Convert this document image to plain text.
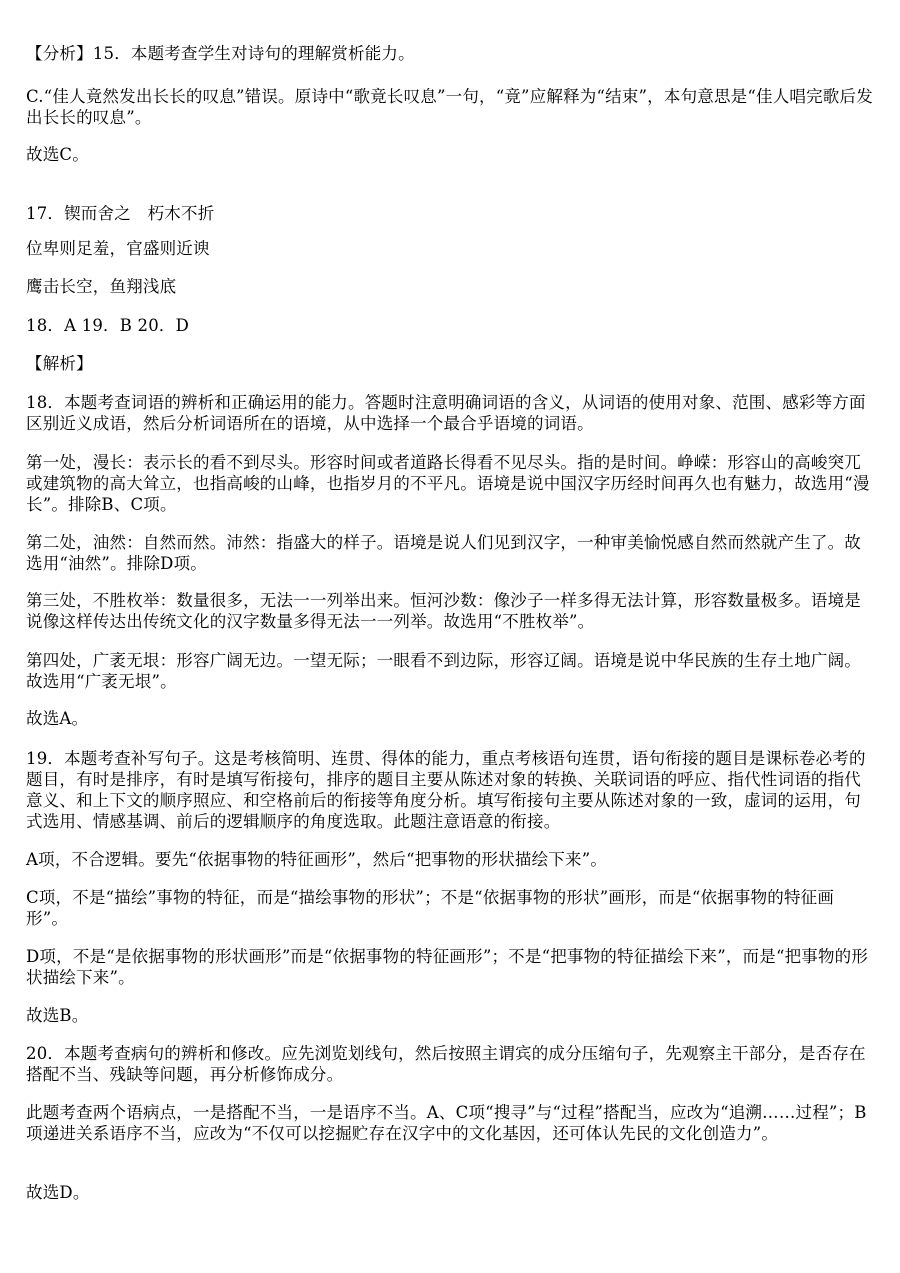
【分析】15．本题考查学生对诗句的理解赏析能力。
C.“佳人竟然发出长长的叹息”错误。原诗中“歌竟长叹息”一句，“竟”应解释为“结束”，本句意思是“佳人唱完歌后发出长长的叹息”。
故选C。
17．锲而舍之　朽木不折
位卑则足羞，官盛则近谀
鹰击长空，鱼翔浅底
18．A 19．B 20．D
【解析】
18．本题考查词语的辨析和正确运用的能力。答题时注意明确词语的含义，从词语的使用对象、范围、感彩等方面区别近义成语，然后分析词语所在的语境，从中选择一个最合乎语境的词语。
第一处，漫长：表示长的看不到尽头。形容时间或者道路长得看不见尽头。指的是时间。峥嵘：形容山的高峻突兀或建筑物的高大耸立，也指高峻的山峰，也指岁月的不平凡。语境是说中国汉字历经时间再久也有魅力，故选用“漫长”。排除B、C项。
第二处，油然：自然而然。沛然：指盛大的样子。语境是说人们见到汉字，一种审美愉悦感自然而然就产生了。故选用“油然”。排除D项。
第三处，不胜枚举：数量很多，无法一一列举出来。恒河沙数：像沙子一样多得无法计算，形容数量极多。语境是说像这样传达出传统文化的汉字数量多得无法一一列举。故选用“不胜枚举”。
第四处，广袤无垠：形容广阔无边。一望无际；一眼看不到边际，形容辽阔。语境是说中华民族的生存土地广阔。故选用“广袤无垠”。
故选A。
19．本题考查补写句子。这是考核简明、连贯、得体的能力，重点考核语句连贯，语句衔接的题目是课标卷必考的题目，有时是排序，有时是填写衔接句，排序的题目主要从陈述对象的转换、关联词语的呼应、指代性词语的指代意义、和上下文的顺序照应、和空格前后的衔接等角度分析。填写衔接句主要从陈述对象的一致，虚词的运用，句式选用、情感基调、前后的逻辑顺序的角度选取。此题注意语意的衔接。
A项，不合逻辑。要先“依据事物的特征画形”，然后“把事物的形状描绘下来”。
C项，不是“描绘”事物的特征，而是“描绘事物的形状”；不是“依据事物的形状”画形，而是“依据事物的特征画形”。
D项，不是“是依据事物的形状画形”而是“依据事物的特征画形”；不是“把事物的特征描绘下来”，而是“把事物的形状描绘下来”。
故选B。
20．本题考查病句的辨析和修改。应先浏览划线句，然后按照主谓宾的成分压缩句子，先观察主干部分，是否存在搭配不当、残缺等问题，再分析修饰成分。
此题考查两个语病点，一是搭配不当，一是语序不当。A、C项“搜寻”与“过程”搭配当，应改为“追溯……过程”；B项递进关系语序不当，应改为“不仅可以挖掘贮存在汉字中的文化基因，还可体认先民的文化创造力”。
故选D。
